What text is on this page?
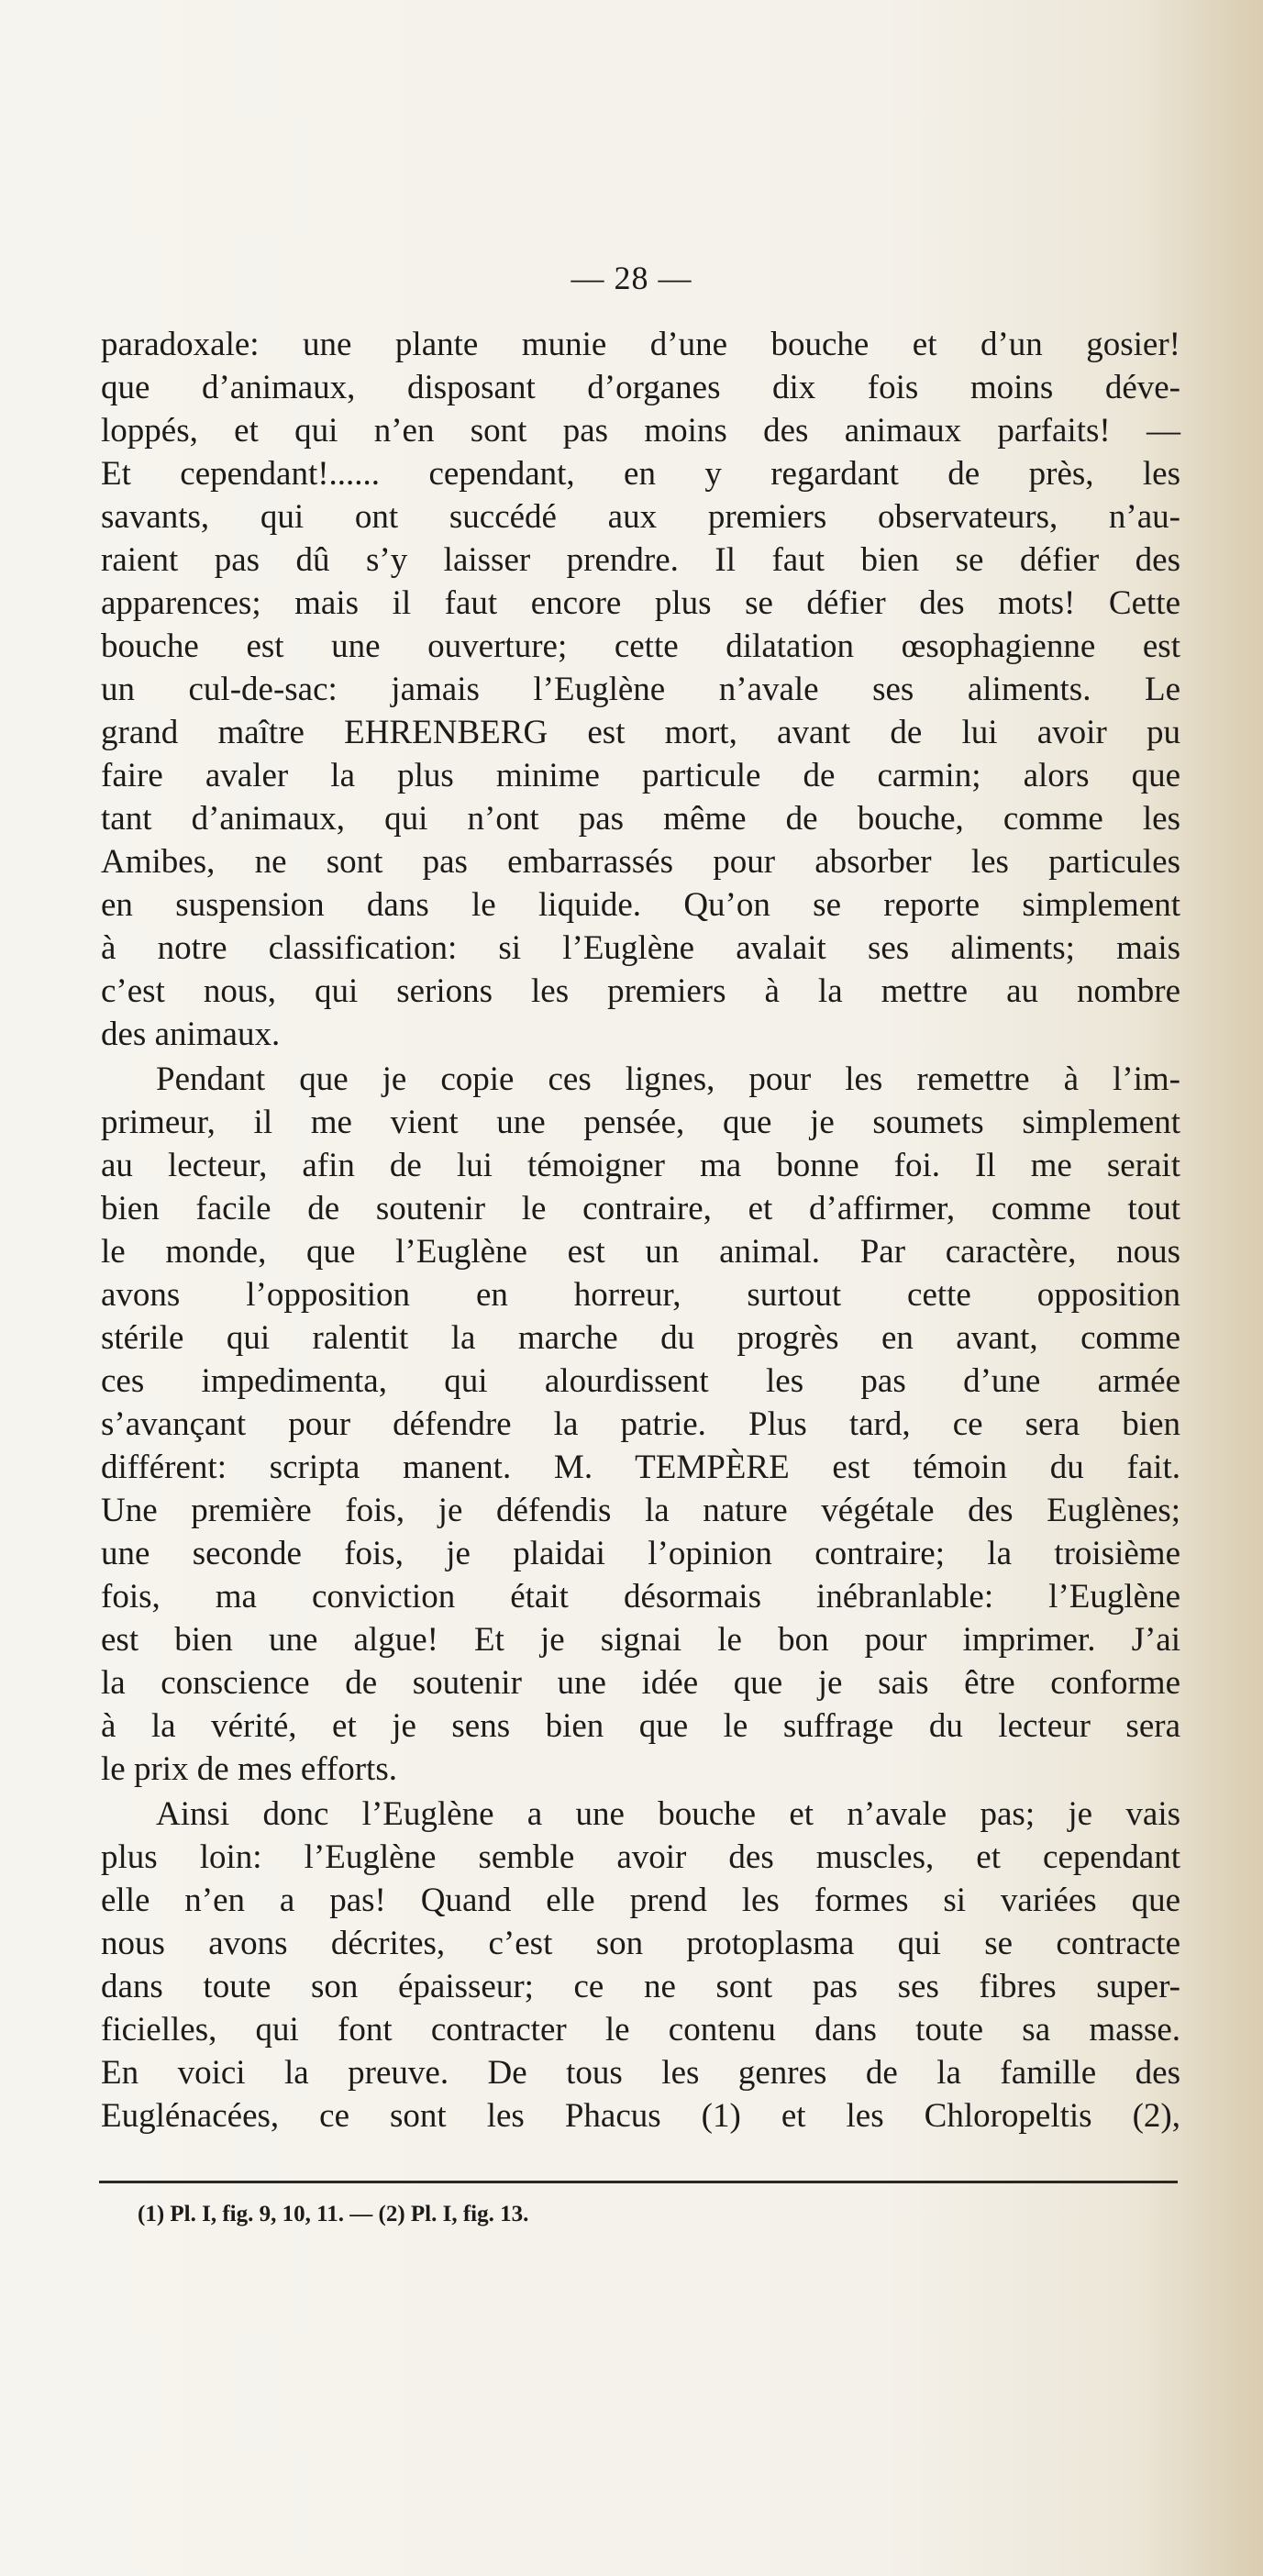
— 28 —
paradoxale: une plante munie d’une bouche et d’un gosier!
que d’animaux, disposant d’organes dix fois moins déve-
loppés, et qui n’en sont pas moins des animaux parfaits! —
Et cependant!...... cependant, en y regardant de près, les
savants, qui ont succédé aux premiers observateurs, n’au-
raient pas dû s’y laisser prendre. Il faut bien se défier des
apparences; mais il faut encore plus se défier des mots! Cette
bouche est une ouverture; cette dilatation œsophagienne est
un cul-de-sac: jamais l’Euglène n’avale ses aliments. Le
grand maître EHRENBERG est mort, avant de lui avoir pu
faire avaler la plus minime particule de carmin; alors que
tant d’animaux, qui n’ont pas même de bouche, comme les
Amibes, ne sont pas embarrassés pour absorber les particules
en suspension dans le liquide. Qu’on se reporte simplement
à notre classification: si l’Euglène avalait ses aliments; mais
c’est nous, qui serions les premiers à la mettre au nombre
des animaux.
Pendant que je copie ces lignes, pour les remettre à l’im-
primeur, il me vient une pensée, que je soumets simplement
au lecteur, afin de lui témoigner ma bonne foi. Il me serait
bien facile de soutenir le contraire, et d’affirmer, comme tout
le monde, que l’Euglène est un animal. Par caractère, nous
avons l’opposition en horreur, surtout cette opposition
stérile qui ralentit la marche du progrès en avant, comme
ces impedimenta, qui alourdissent les pas d’une armée
s’avançant pour défendre la patrie. Plus tard, ce sera bien
différent: scripta manent. M. TEMPÈRE est témoin du fait.
Une première fois, je défendis la nature végétale des Euglènes;
une seconde fois, je plaidai l’opinion contraire; la troisième
fois, ma conviction était désormais inébranlable: l’Euglène
est bien une algue! Et je signai le bon pour imprimer. J’ai
la conscience de soutenir une idée que je sais être conforme
à la vérité, et je sens bien que le suffrage du lecteur sera
le prix de mes efforts.
Ainsi donc l’Euglène a une bouche et n’avale pas; je vais
plus loin: l’Euglène semble avoir des muscles, et cependant
elle n’en a pas! Quand elle prend les formes si variées que
nous avons décrites, c’est son protoplasma qui se contracte
dans toute son épaisseur; ce ne sont pas ses fibres super-
ficielles, qui font contracter le contenu dans toute sa masse.
En voici la preuve. De tous les genres de la famille des
Euglénacées, ce sont les Phacus (1) et les Chloropeltis (2),
(1) Pl. I, fig. 9, 10, 11. — (2) Pl. I, fig. 13.
